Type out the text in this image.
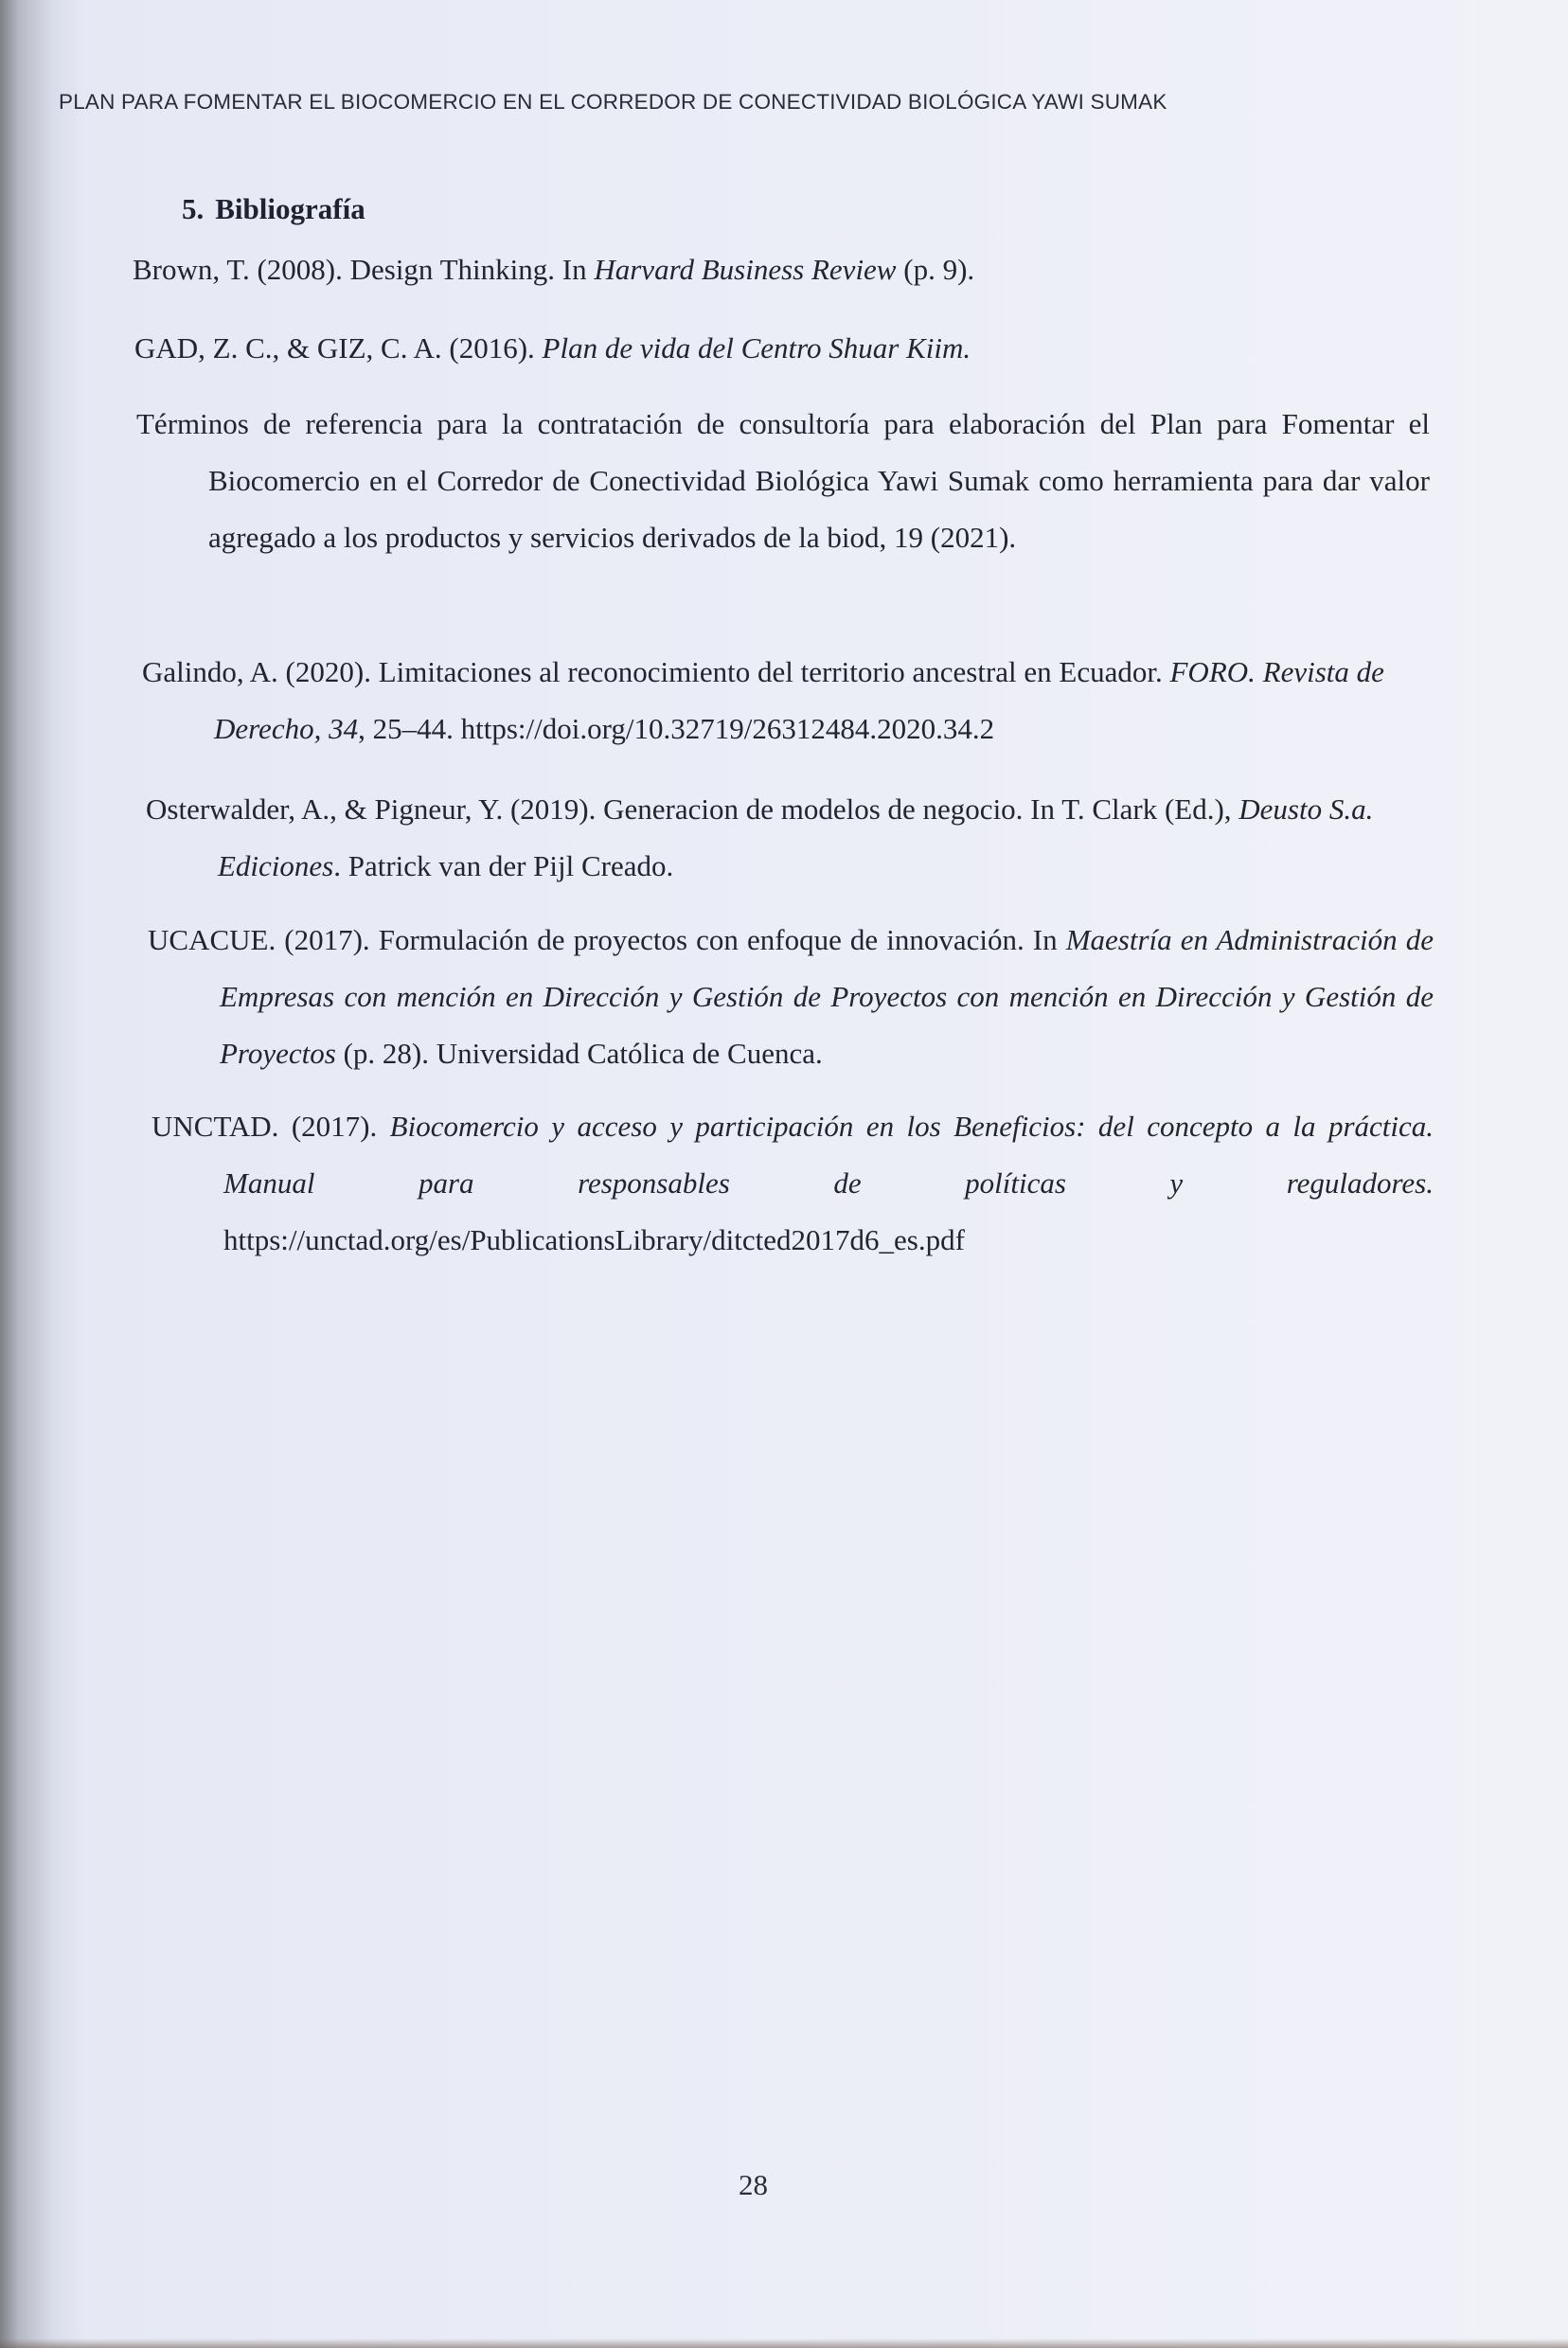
PLAN PARA FOMENTAR EL BIOCOMERCIO EN EL CORREDOR DE CONECTIVIDAD BIOLÓGICA YAWI SUMAK
5. Bibliografía
Brown, T. (2008). Design Thinking. In Harvard Business Review (p. 9).
GAD, Z. C., & GIZ, C. A. (2016). Plan de vida del Centro Shuar Kiim.
Términos de referencia para la contratación de consultoría para elaboración del Plan para Fomentar el Biocomercio en el Corredor de Conectividad Biológica Yawi Sumak como herramienta para dar valor agregado a los productos y servicios derivados de la biod, 19 (2021).
Galindo, A. (2020). Limitaciones al reconocimiento del territorio ancestral en Ecuador. FORO. Revista de Derecho, 34, 25–44. https://doi.org/10.32719/26312484.2020.34.2
Osterwalder, A., & Pigneur, Y. (2019). Generacion de modelos de negocio. In T. Clark (Ed.), Deusto S.a. Ediciones. Patrick van der Pijl Creado.
UCACUE. (2017). Formulación de proyectos con enfoque de innovación. In Maestría en Administración de Empresas con mención en Dirección y Gestión de Proyectos con mención en Dirección y Gestión de Proyectos (p. 28). Universidad Católica de Cuenca.
UNCTAD. (2017). Biocomercio y acceso y participación en los Beneficios: del concepto a la práctica. Manual para responsables de políticas y reguladores. https://unctad.org/es/PublicationsLibrary/ditcted2017d6_es.pdf
28
